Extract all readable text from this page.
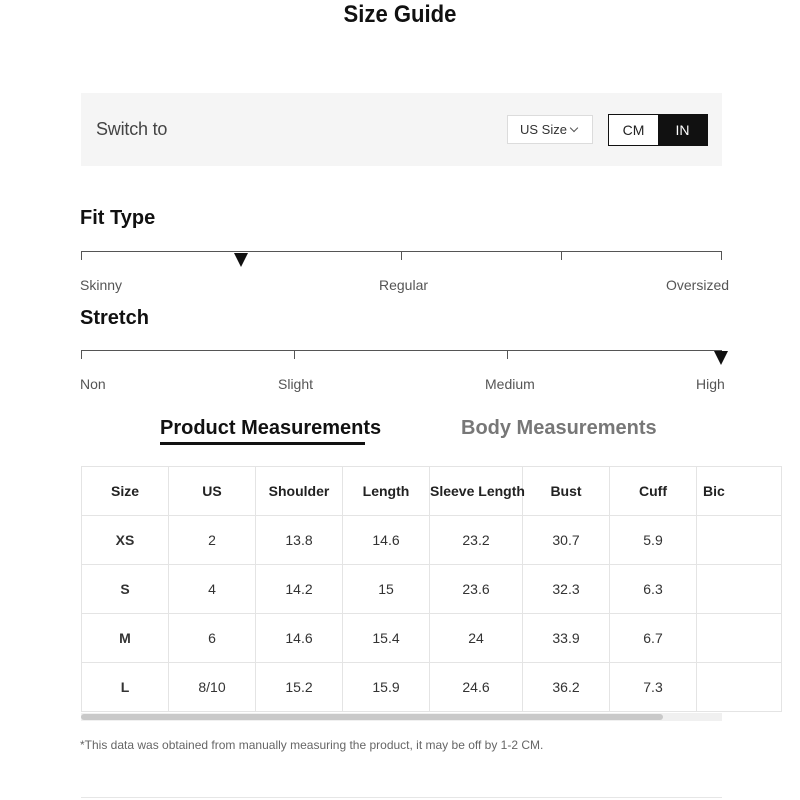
Size Guide
Switch to	US Size	CM	IN
Fit Type
Skinny	Regular	Oversized
Stretch
Non	Slight	Medium	High
Product Measurements	Body Measurements
Size	US	Shoulder	Length	Sleeve Length	Bust	Cuff	Bic
XS	2	13.8	14.6	23.2	30.7	5.9	
S	4	14.2	15	23.6	32.3	6.3	
M	6	14.6	15.4	24	33.9	6.7	
L	8/10	15.2	15.9	24.6	36.2	7.3	
*This data was obtained from manually measuring the product, it may be off by 1-2 CM.
